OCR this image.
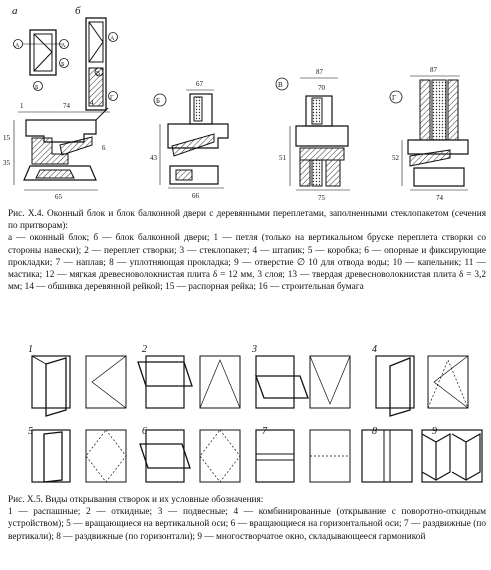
а	б
А	А
Б
Б
А
Г
В
74
15
35
65
1	4
6
Б
67
66
43
В
87
70
75
51
Г
87
74
52

Рис. X.4. Оконный блок и блок балконной двери с деревянными переплетами, заполненными стеклопакетом (сечения по притворам):

а — оконный блок; б — блок балконной двери; 1 — петля (только на вертикальном бруске переплета створки со стороны навески); 2 — переплет створки; 3 — стеклопакет; 4 — штапик; 5 — коробка; 6 — опорные и фиксирующие прокладки; 7 — наплав; 8 — уплотняющая прокладка; 9 — отверстие ∅ 10 для отвода воды; 10 — капельник; 11 — мастика; 12 — мягкая древесноволокнистая плита δ = 12 мм, 3 слоя; 13 — твердая древесноволокнистая плита δ = 3,2 мм; 14 — обшивка деревянной рейкой; 15 — распорная рейка; 16 — строительная бумага

1	2	3	4
5	6	7	8	9

Рис. X.5. Виды открывания створок и их условные обозначения:

1 — распашные; 2 — откидные; 3 — подвесные; 4 — комбинированные (открывание с поворотно-откидным устройством); 5 — вращающиеся на вертикальной оси; 6 — вращающиеся на горизонтальной оси; 7 — раздвижные (по вертикали); 8 — раздвижные (по горизонтали); 9 — многостворчатое окно, складывающееся гармоникой
